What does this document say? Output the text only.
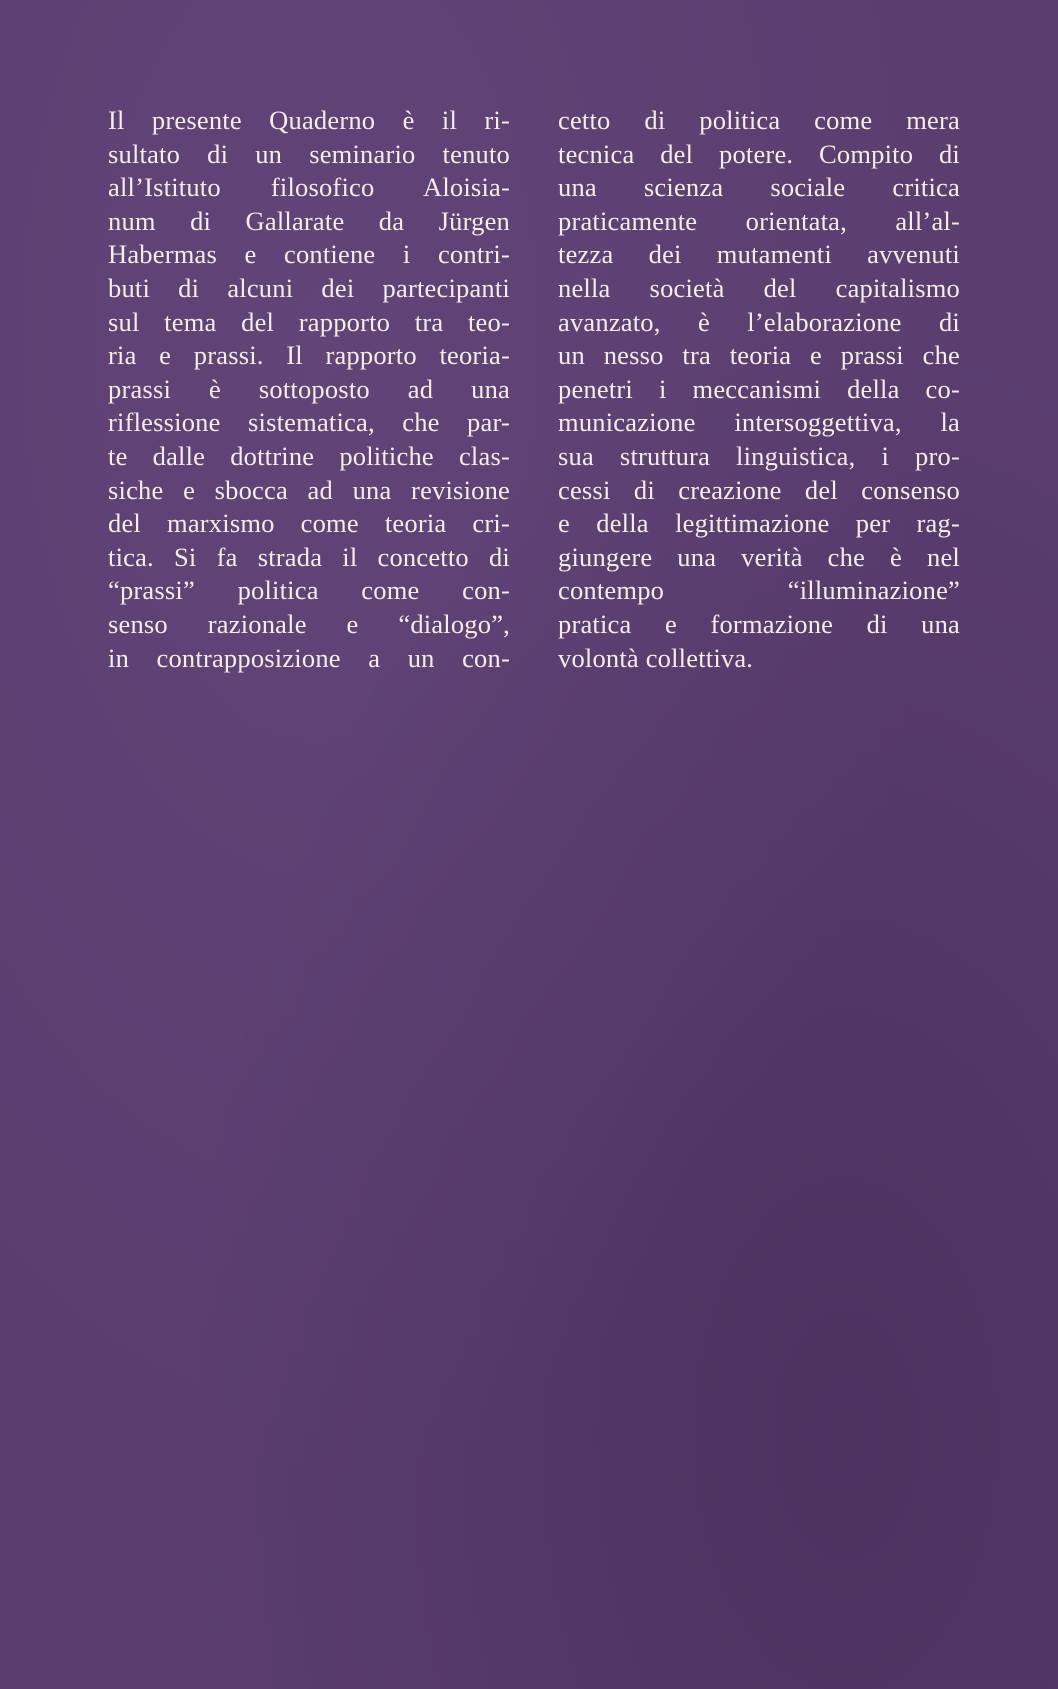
Il presente Quaderno è il ri-
sultato di un seminario tenuto
all’Istituto filosofico Aloisia-
num di Gallarate da Jürgen
Habermas e contiene i contri-
buti di alcuni dei partecipanti
sul tema del rapporto tra teo-
ria e prassi. Il rapporto teoria-
prassi è sottoposto ad una
riflessione sistematica, che par-
te dalle dottrine politiche clas-
siche e sbocca ad una revisione
del marxismo come teoria cri-
tica. Si fa strada il concetto di
“prassi” politica come con-
senso razionale e “dialogo”,
in contrapposizione a un con-
cetto di politica come mera
tecnica del potere. Compito di
una scienza sociale critica
praticamente orientata, all’al-
tezza dei mutamenti avvenuti
nella società del capitalismo
avanzato, è l’elaborazione di
un nesso tra teoria e prassi che
penetri i meccanismi della co-
municazione intersoggettiva, la
sua struttura linguistica, i pro-
cessi di creazione del consenso
e della legittimazione per rag-
giungere una verità che è nel
contempo “illuminazione”
pratica e formazione di una
volontà collettiva.
